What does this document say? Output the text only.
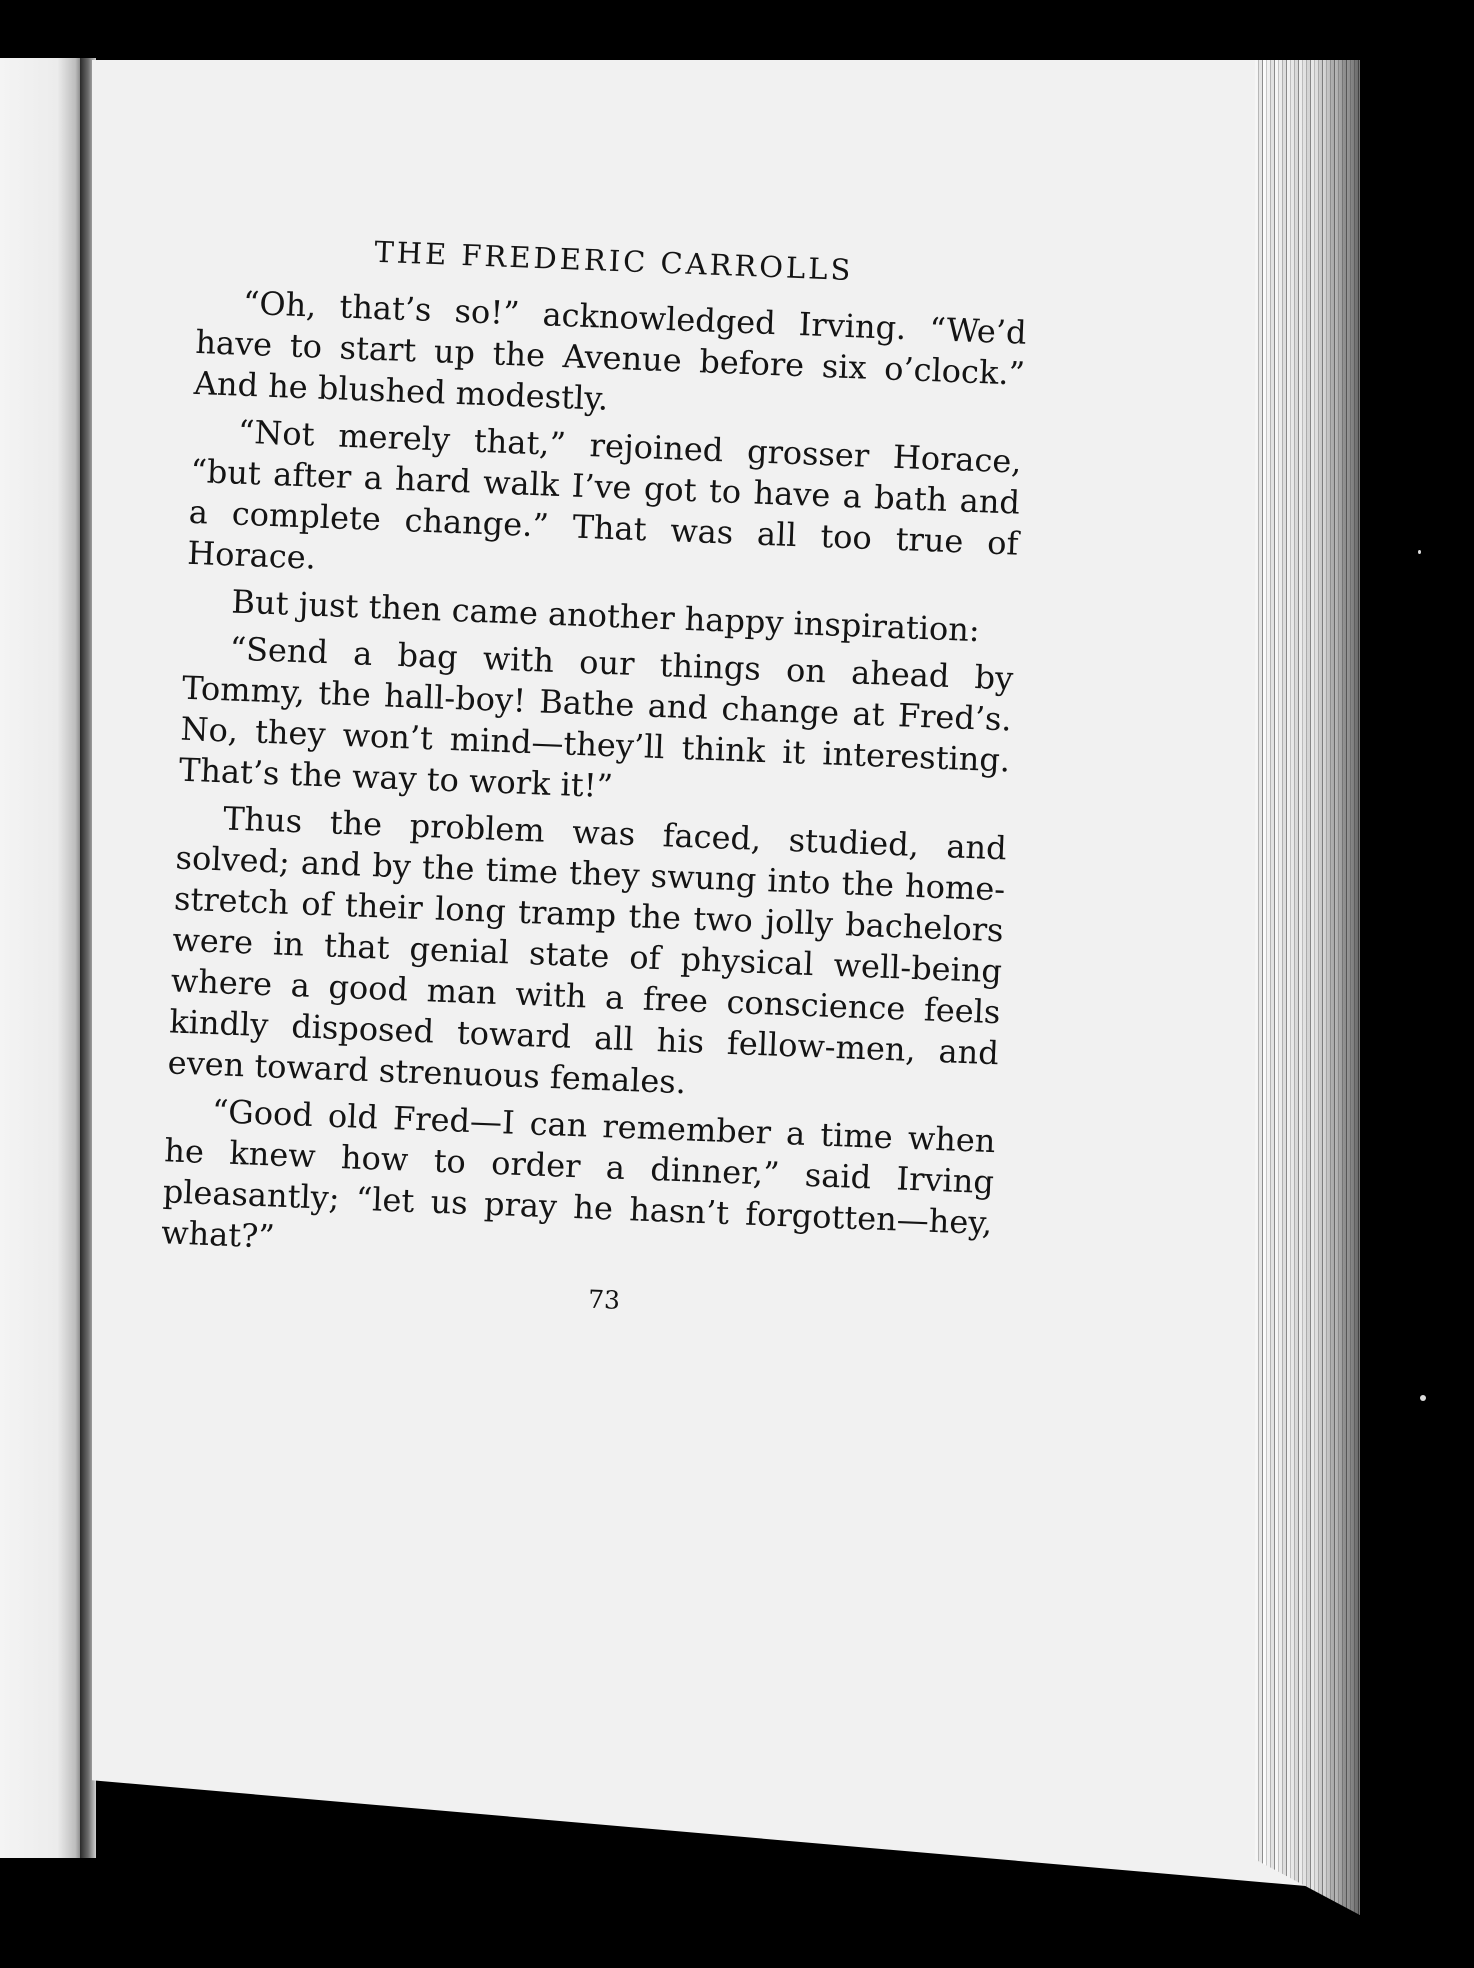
THE FREDERIC CARROLLS

“Oh, that’s so!” acknowledged Irving. “We’d have to start up the Avenue before six o’clock.” And he blushed modestly.

“Not merely that,” rejoined grosser Horace, “but after a hard walk I’ve got to have a bath and a complete change.” That was all too true of Horace.

But just then came another happy inspiration:

“Send a bag with our things on ahead by Tommy, the hall-boy! Bathe and change at Fred’s. No, they won’t mind—they’ll think it interesting. That’s the way to work it!”

Thus the problem was faced, studied, and solved; and by the time they swung into the home-stretch of their long tramp the two jolly bachelors were in that genial state of physical well-being where a good man with a free conscience feels kindly disposed toward all his fellow-men, and even toward strenuous females.

“Good old Fred—I can remember a time when he knew how to order a dinner,” said Irving pleasantly; “let us pray he hasn’t forgotten—hey, what?”

73
